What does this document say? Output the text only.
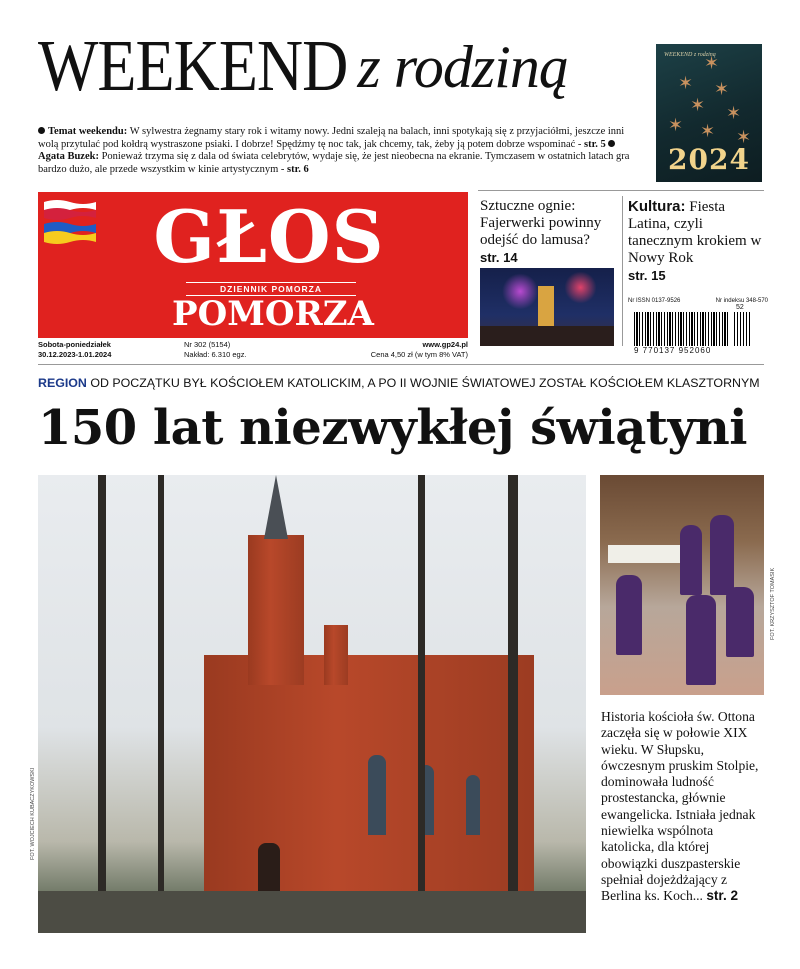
WEEKEND z rodziną
Temat weekendu: W sylwestra żegnamy stary rok i witamy nowy. Jedni szaleją na balach, inni spotykają się z przyjaciółmi, jeszcze inni wolą przytulać pod kołdrą wystraszone psiaki. I dobrze! Spędźmy tę noc tak, jak chcemy, tak, żeby ją potem dobrze wspominać - str. 5 Agata Buzek: Ponieważ trzyma się z dala od świata celebrytów, wydaje się, że jest nieobecna na ekranie. Tymczasem w ostatnich latach gra bardzo dużo, ale przede wszystkim w kinie artystycznym - str. 6
WEEKEND z rodziną
✶
✶ ✶
✶ ✶
✶ ✶ ✶
2024
GŁOS
DZIENNIK POMORZA
POMORZA
Sobota-poniedziałek
30.12.2023-1.01.2024
Nr 302 (5154)
Nakład: 6.310 egz.
www.gp24.pl
Cena 4,50 zł (w tym 8% VAT)
Sztuczne ognie: Fajerwerki powinny odejść do lamusa?
str. 14
Kultura: Fiesta Latina, czyli tanecznym krokiem w Nowy Rok
str. 15
Nr ISSN 0137-9526	Nr indeksu 348-570
52
9 770137 952060
REGION OD POCZĄTKU BYŁ KOŚCIOŁEM KATOLICKIM, A PO II WOJNIE ŚWIATOWEJ ZOSTAŁ KOŚCIOŁEM KLASZTORNYM
150 lat niezwykłej świątyni
FOT. WOJCIECH KUBACZYKOWSKI
FOT. KRZYSZTOF TOMASIK
Historia kościoła św. Ottona zaczęła się w połowie XIX wieku. W Słupsku, ówczesnym pruskim Stolpie, dominowała ludność prostestancka, głównie ewangelicka. Istniała jednak niewielka wspólnota katolicka, dla której obowiązki duszpasterskie spełniał dojeżdżający z Berlina ks. Koch... str. 2
